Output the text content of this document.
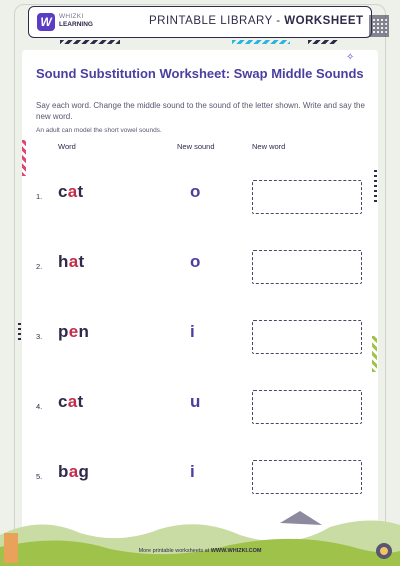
W	WHIZKI
LEARNING	PRINTABLE LIBRARY - WORKSHEET
✧
Sound Substitution Worksheet: Swap Middle Sounds
Say each word. Change the middle sound to the sound of the letter shown. Write and say the new word.
An adult can model the short vowel sounds.
Word	New sound	New word
1. cat	o
2. hat	o
3. pen	i
4. cat	u
5. bag	i
More printable worksheets at WWW.WHIZKI.COM
